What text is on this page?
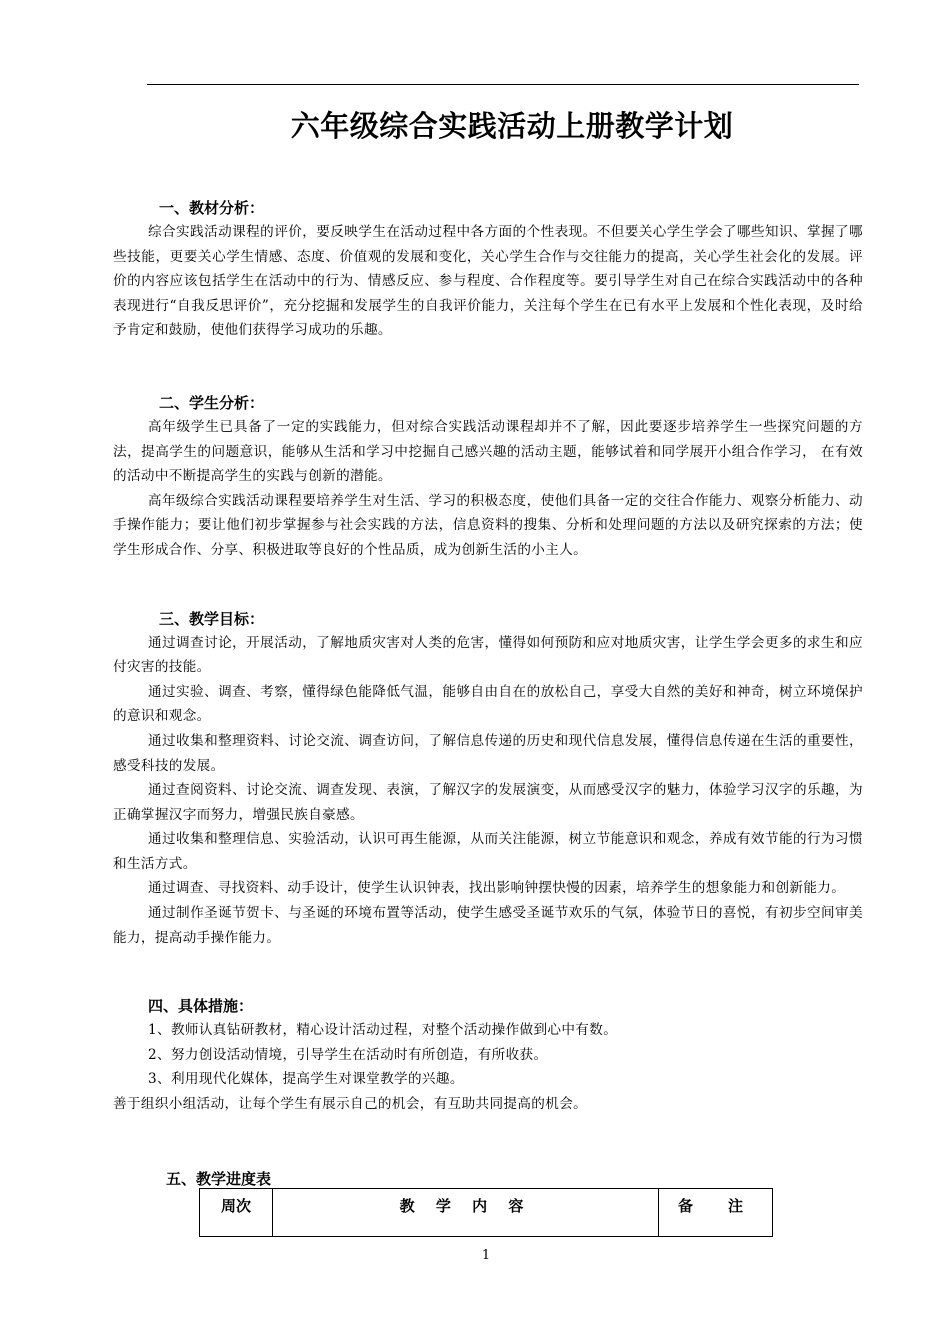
六年级综合实践活动上册教学计划
一、教材分析：

综合实践活动课程的评价，要反映学生在活动过程中各方面的个性表现。不但要关心学生学会了哪些知识、掌握了哪些技能，更要关心学生情感、态度、价值观的发展和变化，关心学生合作与交往能力的提高，关心学生社会化的发展。评价的内容应该包括学生在活动中的行为、情感反应、参与程度、合作程度等。要引导学生对自己在综合实践活动中的各种表现进行“自我反思评价”，充分挖掘和发展学生的自我评价能力，关注每个学生在已有水平上发展和个性化表现，及时给予肯定和鼓励，使他们获得学习成功的乐趣。

二、学生分析：

高年级学生已具备了一定的实践能力，但对综合实践活动课程却并不了解，因此要逐步培养学生一些探究问题的方法，提高学生的问题意识，能够从生活和学习中挖掘自己感兴趣的活动主题，能够试着和同学展开小组合作学习， 在有效的活动中不断提高学生的实践与创新的潜能。

高年级综合实践活动课程要培养学生对生活、学习的积极态度，使他们具备一定的交往合作能力、观察分析能力、动手操作能力；要让他们初步掌握参与社会实践的方法，信息资料的搜集、分析和处理问题的方法以及研究探索的方法；使学生形成合作、分享、积极进取等良好的个性品质，成为创新生活的小主人。

三、教学目标：

通过调查讨论，开展活动，了解地质灾害对人类的危害，懂得如何预防和应对地质灾害，让学生学会更多的求生和应付灾害的技能。

通过实验、调查、考察，懂得绿色能降低气温，能够自由自在的放松自己，享受大自然的美好和神奇，树立环境保护的意识和观念。

通过收集和整理资料、讨论交流、调查访问，了解信息传递的历史和现代信息发展，懂得信息传递在生活的重要性，感受科技的发展。

通过查阅资料、讨论交流、调查发现、表演，了解汉字的发展演变，从而感受汉字的魅力，体验学习汉字的乐趣，为正确掌握汉字而努力，增强民族自豪感。

通过收集和整理信息、实验活动，认识可再生能源，从而关注能源，树立节能意识和观念，养成有效节能的行为习惯和生活方式。

通过调查、寻找资料、动手设计，使学生认识钟表，找出影响钟摆快慢的因素，培养学生的想象能力和创新能力。

通过制作圣诞节贺卡、与圣诞的环境布置等活动，使学生感受圣诞节欢乐的气氛，体验节日的喜悦，有初步空间审美能力，提高动手操作能力。

四、具体措施：

1、教师认真钻研教材，精心设计活动过程，对整个活动操作做到心中有数。

2、努力创设活动情境，引导学生在活动时有所创造，有所收获。

3、利用现代化媒体，提高学生对课堂教学的兴趣。

善于组织小组活动，让每个学生有展示自己的机会，有互助共同提高的机会。

五、教学进度表
周次	教 学 内 容	备　注
1
